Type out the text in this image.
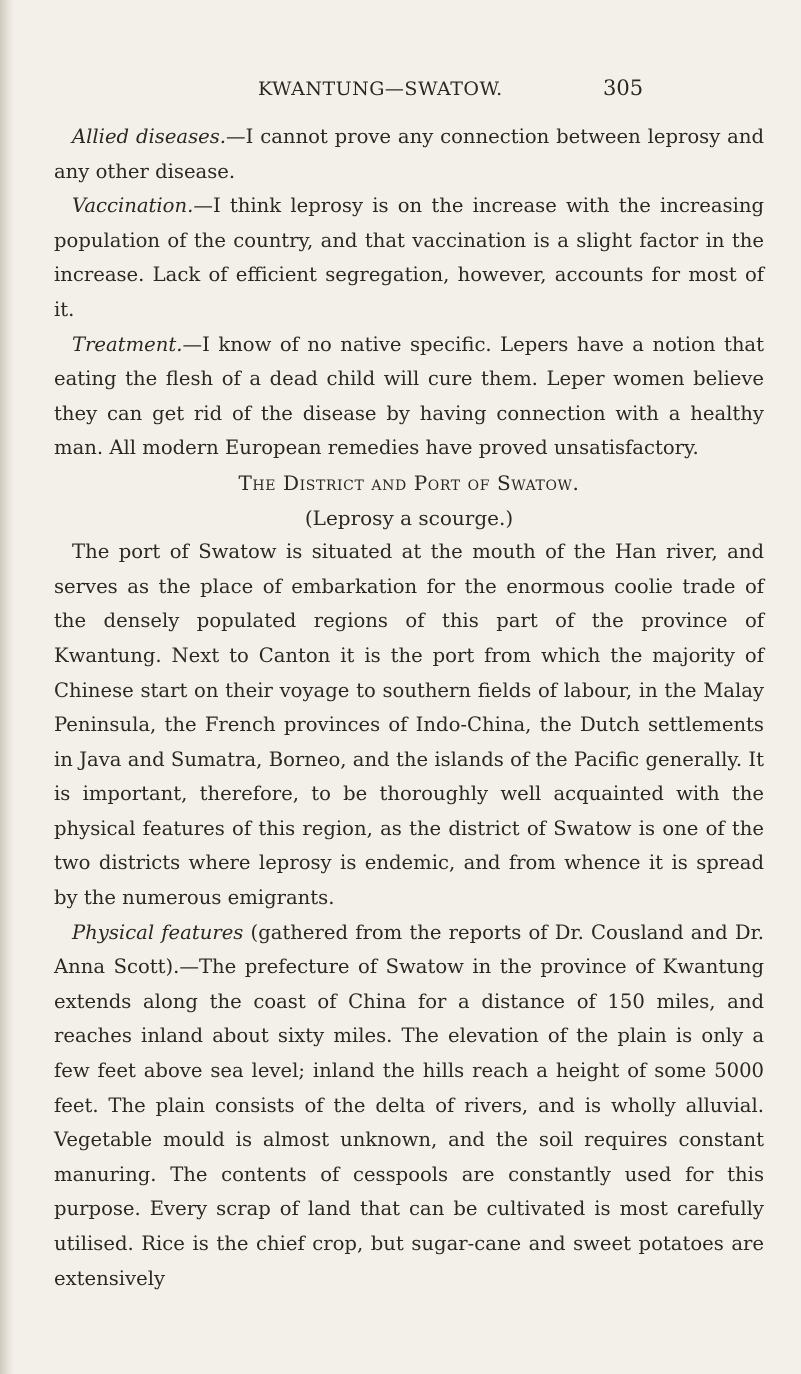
KWANTUNG—SWATOW.	305

Allied diseases.—I cannot prove any connection between leprosy and any other disease.

Vaccination.—I think leprosy is on the increase with the increasing population of the country, and that vaccination is a slight factor in the increase. Lack of efficient segregation, however, accounts for most of it.

Treatment.—I know of no native specific. Lepers have a notion that eating the flesh of a dead child will cure them. Leper women believe they can get rid of the disease by having connection with a healthy man. All modern European remedies have proved unsatisfactory.

The District and Port of Swatow.

(Leprosy a scourge.)

The port of Swatow is situated at the mouth of the Han river, and serves as the place of embarkation for the enormous coolie trade of the densely populated regions of this part of the province of Kwantung. Next to Canton it is the port from which the majority of Chinese start on their voyage to southern fields of labour, in the Malay Peninsula, the French provinces of Indo-China, the Dutch settlements in Java and Sumatra, Borneo, and the islands of the Pacific generally. It is important, therefore, to be thoroughly well acquainted with the physical features of this region, as the district of Swatow is one of the two districts where leprosy is endemic, and from whence it is spread by the numerous emigrants.

Physical features (gathered from the reports of Dr. Cousland and Dr. Anna Scott).—The prefecture of Swatow in the province of Kwantung extends along the coast of China for a distance of 150 miles, and reaches inland about sixty miles. The elevation of the plain is only a few feet above sea level; inland the hills reach a height of some 5000 feet. The plain consists of the delta of rivers, and is wholly alluvial. Vegetable mould is almost unknown, and the soil requires constant manuring. The contents of cesspools are constantly used for this purpose. Every scrap of land that can be cultivated is most carefully utilised. Rice is the chief crop, but sugar-cane and sweet potatoes are extensively
